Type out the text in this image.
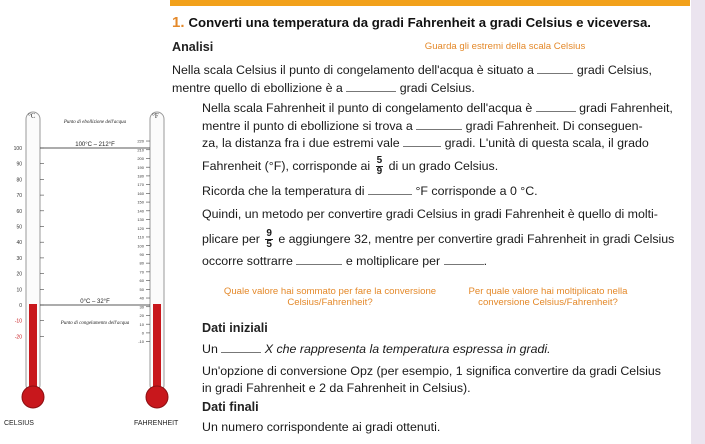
1. Converti una temperatura da gradi Fahrenheit a gradi Celsius e viceversa.
Analisi	Guarda gli estremi della scala Celsius
Nella scala Celsius il punto di congelamento dell'acqua è situato a	gradi Celsius,
mentre quello di ebollizione è a	gradi Celsius.
Nella scala Fahrenheit il punto di congelamento dell'acqua è	gradi Fahrenheit,
mentre il punto di ebollizione si trova a	gradi Fahrenheit. Di conseguen-
za, la distanza fra i due estremi vale	gradi. L'unità di questa scala, il grado
Fahrenheit (°F), corrisponde ai $\frac{5}{9}$ di un grado Celsius.
Ricorda che la temperatura di	°F corrisponde a 0 °C.
Quindi, un metodo per convertire gradi Celsius in gradi Fahrenheit è quello di molti-
plicare per $\frac{9}{5}$ e aggiungere 32, mentre per convertire gradi Fahrenheit in gradi Celsius
occorre sottrarre	e moltiplicare per	.
Quale valore hai sommato per fare la conversione Celsius/Fahrenheit?
Per quale valore hai moltiplicato nella conversione Celsius/Fahrenheit?
Dati iniziali
Un	X che rappresenta la temperatura espressa in gradi.
Un'opzione di conversione Opz (per esempio, 1 significa convertire da gradi Celsius
in gradi Fahrenheit e 2 da Fahrenheit in Celsius).
Dati finali
Un numero corrispondente ai gradi ottenuti.
°C	°F
Punto di ebollizione dell'acqua
100°C – 212°F
0°C – 32°F
Punto di congelamento dell'acqua
100
90
80
70
60
50
40
30
20
10
0
-10
-20
220
210
200
190
180
170
160
150
140
130
120
110
100
90
80
70
60
50
40
30
20
10
0
-10
CELSIUS	FAHRENHEIT
